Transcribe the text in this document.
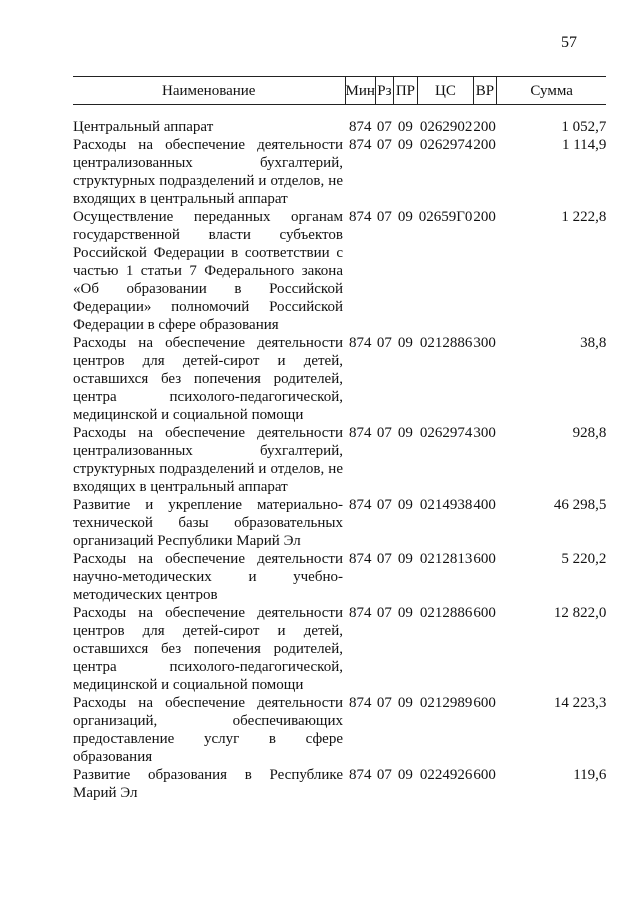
57
Наименование	Мин	Рз	ПР	ЦС	ВР	Сумма

Центральный аппарат	874	07	09	0262902	200	1 052,7
Расходы на обеспечение деятельности централизованных бухгалтерий, структурных подразделений и отделов, не входящих в центральный аппарат	874	07	09	0262974	200	1 114,9
Осуществление переданных органам государственной власти субъектов Российской Федерации в соответствии с частью 1 статьи 7 Федерального закона «Об образовании в Российской Федерации» полномочий Российской Федерации в сфере образования	874	07	09	02659Г0	200	1 222,8
Расходы на обеспечение деятельности центров для детей-сирот и детей, оставшихся без попечения родителей, центра психолого-педагогической, медицинской и социальной помощи	874	07	09	0212886	300	38,8
Расходы на обеспечение деятельности централизованных бухгалтерий, структурных подразделений и отделов, не входящих в центральный аппарат	874	07	09	0262974	300	928,8
Развитие и укрепление материально-технической базы образовательных организаций Республики Марий Эл	874	07	09	0214938	400	46 298,5
Расходы на обеспечение деятельности научно-методических и учебно-методических центров	874	07	09	0212813	600	5 220,2
Расходы на обеспечение деятельности центров для детей-сирот и детей, оставшихся без попечения родителей, центра психолого-педагогической, медицинской и социальной помощи	874	07	09	0212886	600	12 822,0
Расходы на обеспечение деятельности организаций, обеспечивающих предоставление услуг в сфере образования	874	07	09	0212989	600	14 223,3
Развитие образования в Республике Марий Эл	874	07	09	0224926	600	119,6
